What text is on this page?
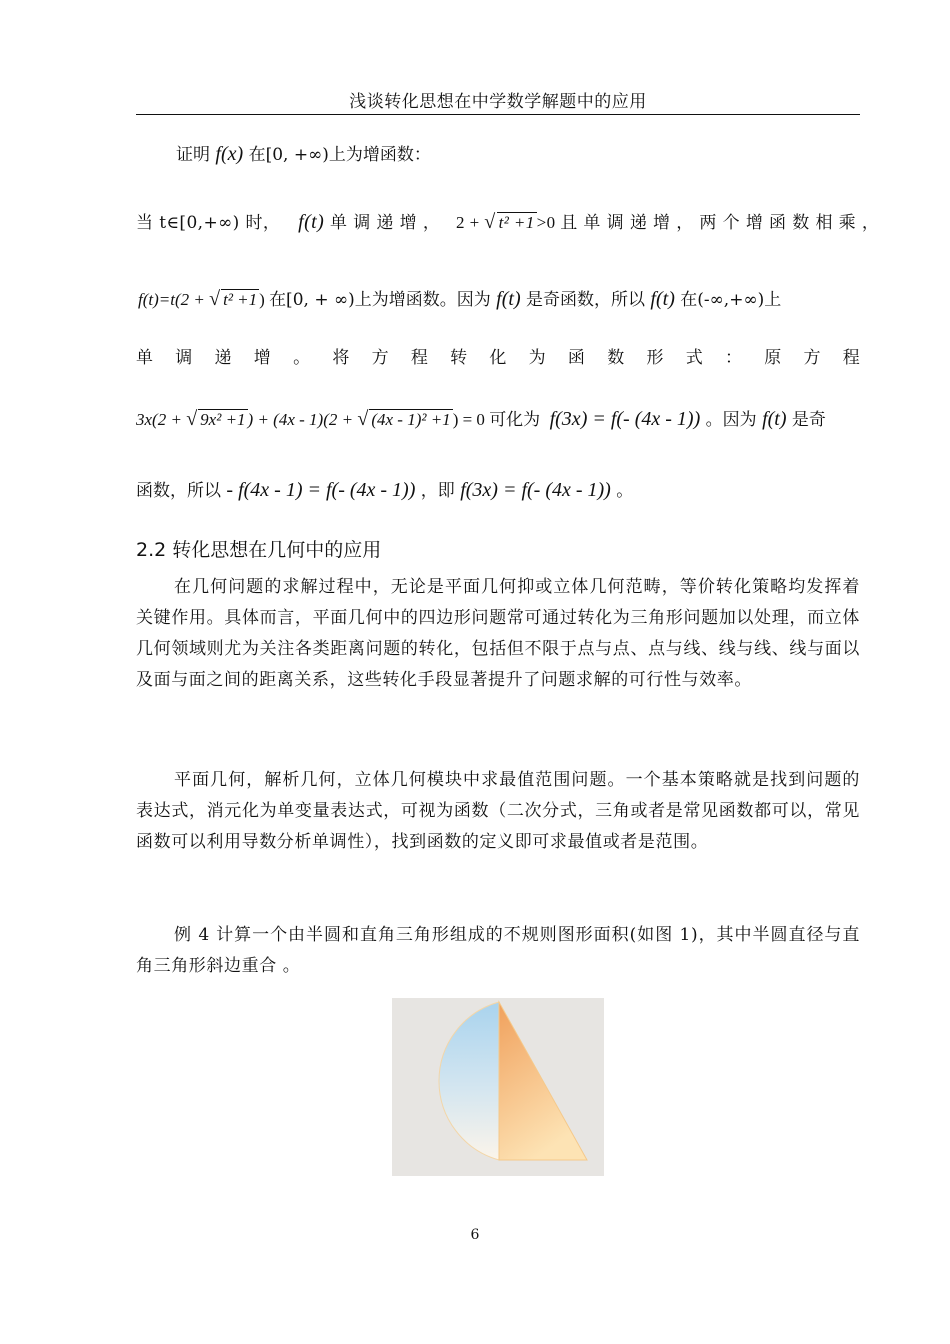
浅谈转化思想在中学数学解题中的应用
证明 f(x) 在[0, +∞)上为增函数：
当 t∈[0,+∞) 时， f(t) 单 调 递 增 ， 2 + √ t² +1 >0 且 单 调 递 增 ， 两 个 增 函 数 相 乘 ，
f(t)=t(2 + √ t² +1 ) 在[0, + ∞)上为增函数。因为 f(t) 是奇函数，所以 f(t) 在(-∞,+∞)上
单 调 递 增 。 将 方 程 转 化 为 函 数 形 式 ： 原 方 程
3x(2 + √ 9x² +1 ) + (4x - 1)(2 + √ (4x - 1)² +1 ) = 0 可化为 f(3x) = f(- (4x - 1)) 。因为 f(t) 是奇
函数，所以 - f(4x - 1) = f(- (4x - 1)) ，即 f(3x) = f(- (4x - 1)) 。
2.2 转化思想在几何中的应用
在几何问题的求解过程中，无论是平面几何抑或立体几何范畴，等价转化策略均发挥着关键作用。具体而言，平面几何中的四边形问题常可通过转化为三角形问题加以处理，而立体几何领域则尤为关注各类距离问题的转化，包括但不限于点与点、点与线、线与线、线与面以及面与面之间的距离关系，这些转化手段显著提升了问题求解的可行性与效率。
平面几何，解析几何，立体几何模块中求最值范围问题。一个基本策略就是找到问题的表达式，消元化为单变量表达式，可视为函数（二次分式，三角或者是常见函数都可以，常见函数可以利用导数分析单调性），找到函数的定义即可求最值或者是范围。
例 4 计算一个由半圆和直角三角形组成的不规则图形面积(如图 1)，其中半圆直径与直角三角形斜边重合 。
6
